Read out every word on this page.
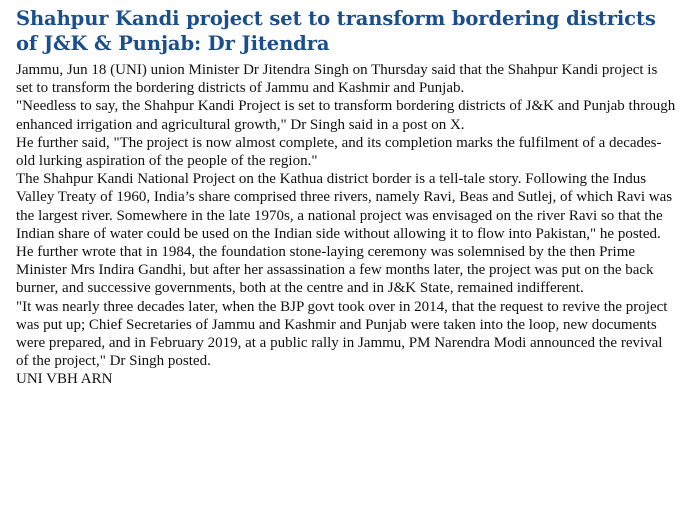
Shahpur Kandi project set to transform bordering districts of J&K & Punjab: Dr Jitendra

Jammu, Jun 18 (UNI) union Minister Dr Jitendra Singh on Thursday said that the Shahpur Kandi project is set to transform the bordering districts of Jammu and Kashmir and Punjab.

"Needless to say, the Shahpur Kandi Project is set to transform bordering districts of J&K and Punjab through enhanced irrigation and agricultural growth," Dr Singh said in a post on X.

He further said, "The project is now almost complete, and its completion marks the fulfilment of a decades-old lurking aspiration of the people of the region."

The Shahpur Kandi National Project on the Kathua district border is a tell-tale story. Following the Indus Valley Treaty of 1960, India’s share comprised three rivers, namely Ravi, Beas and Sutlej, of which Ravi was the largest river. Somewhere in the late 1970s, a national project was envisaged on the river Ravi so that the Indian share of water could be used on the Indian side without allowing it to flow into Pakistan," he posted.

He further wrote that in 1984, the foundation stone-laying ceremony was solemnised by the then Prime Minister Mrs Indira Gandhi, but after her assassination a few months later, the project was put on the back burner, and successive governments, both at the centre and in J&K State, remained indifferent.

"It was nearly three decades later, when the BJP govt took over in 2014, that the request to revive the project was put up; Chief Secretaries of Jammu and Kashmir and Punjab were taken into the loop, new documents were prepared, and in February 2019, at a public rally in Jammu, PM Narendra Modi announced the revival of the project," Dr Singh posted.

UNI VBH ARN
